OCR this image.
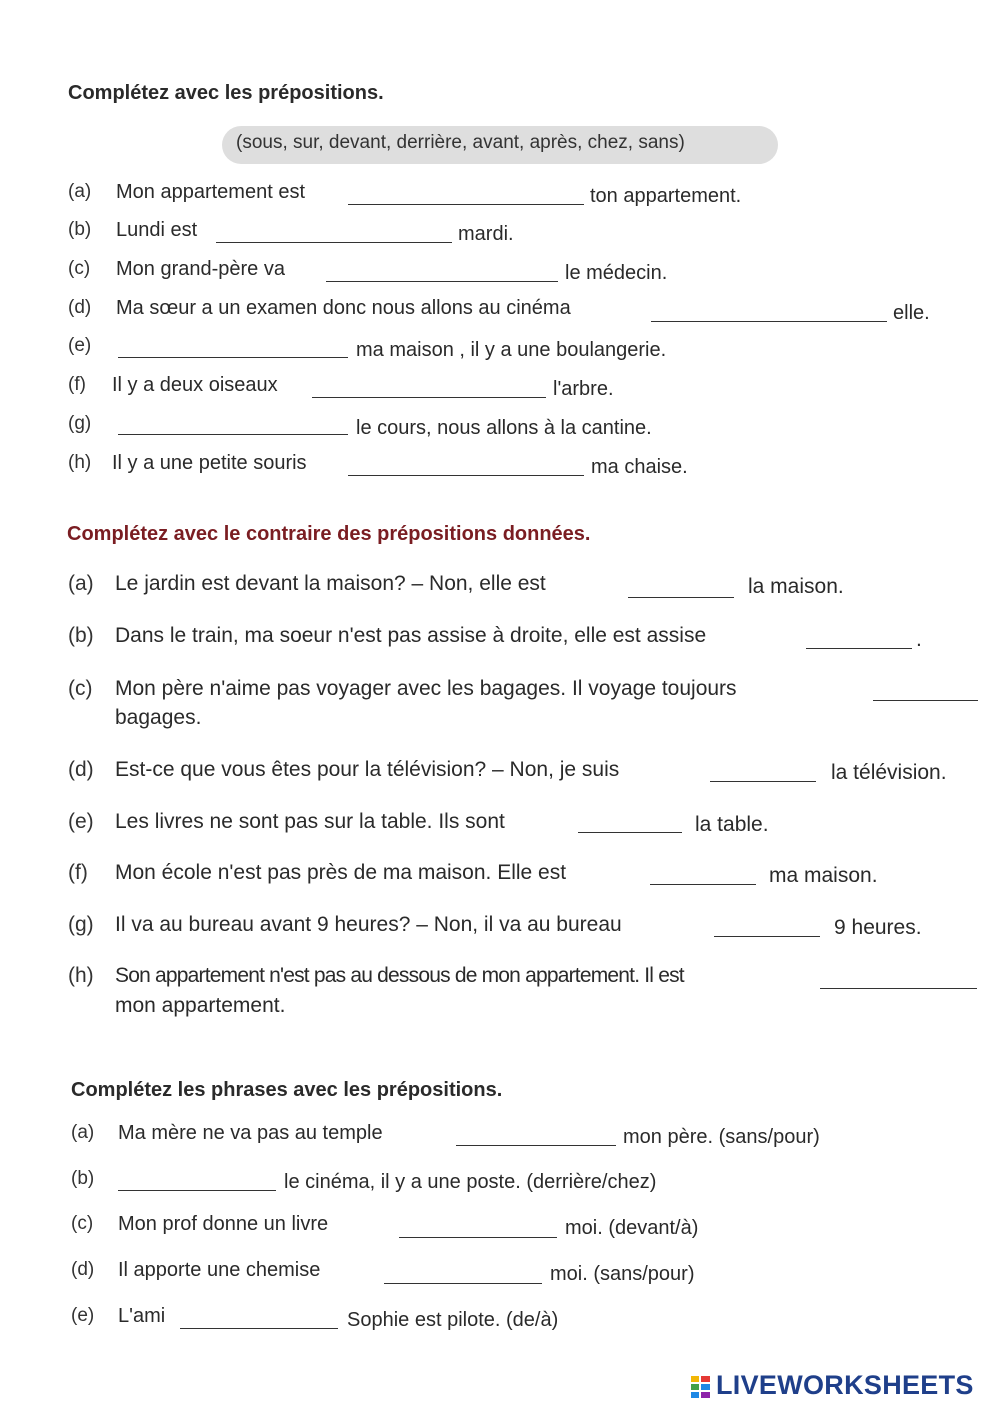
Complétez avec les prépositions.
(sous, sur, devant, derrière, avant, après, chez, sans)
(a) Mon appartement est	ton appartement.
(b) Lundi est	mardi.
(c) Mon grand-père va	le médecin.
(d) Ma sœur a un examen donc nous allons au cinéma	elle.
(e)	ma maison , il y a une boulangerie.
(f) Il y a deux oiseaux	l'arbre.
(g)	le cours, nous allons à la cantine.
(h) Il y a une petite souris	ma chaise.
Complétez avec le contraire des prépositions données.
(a) Le jardin est devant la maison? – Non, elle est	la maison.
(b) Dans le train, ma soeur n'est pas assise à droite, elle est assise	.
(c) Mon père n'aime pas voyager avec les bagages. Il voyage toujours
bagages.
(d) Est-ce que vous êtes pour la télévision? – Non, je suis	la télévision.
(e) Les livres ne sont pas sur la table. Ils sont	la table.
(f) Mon école n'est pas près de ma maison. Elle est	ma maison.
(g) Il va au bureau avant 9 heures? – Non, il va au bureau	9 heures.
(h) Son appartement n'est pas au dessous de mon appartement. Il est
mon appartement.
Complétez les phrases avec les prépositions.
(a) Ma mère ne va pas au temple	mon père. (sans/pour)
(b)	le cinéma, il y a une poste. (derrière/chez)
(c) Mon prof donne un livre	moi. (devant/à)
(d) Il apporte une chemise	moi. (sans/pour)
(e) L'ami	Sophie est pilote. (de/à)
LIVEWORKSHEETS
